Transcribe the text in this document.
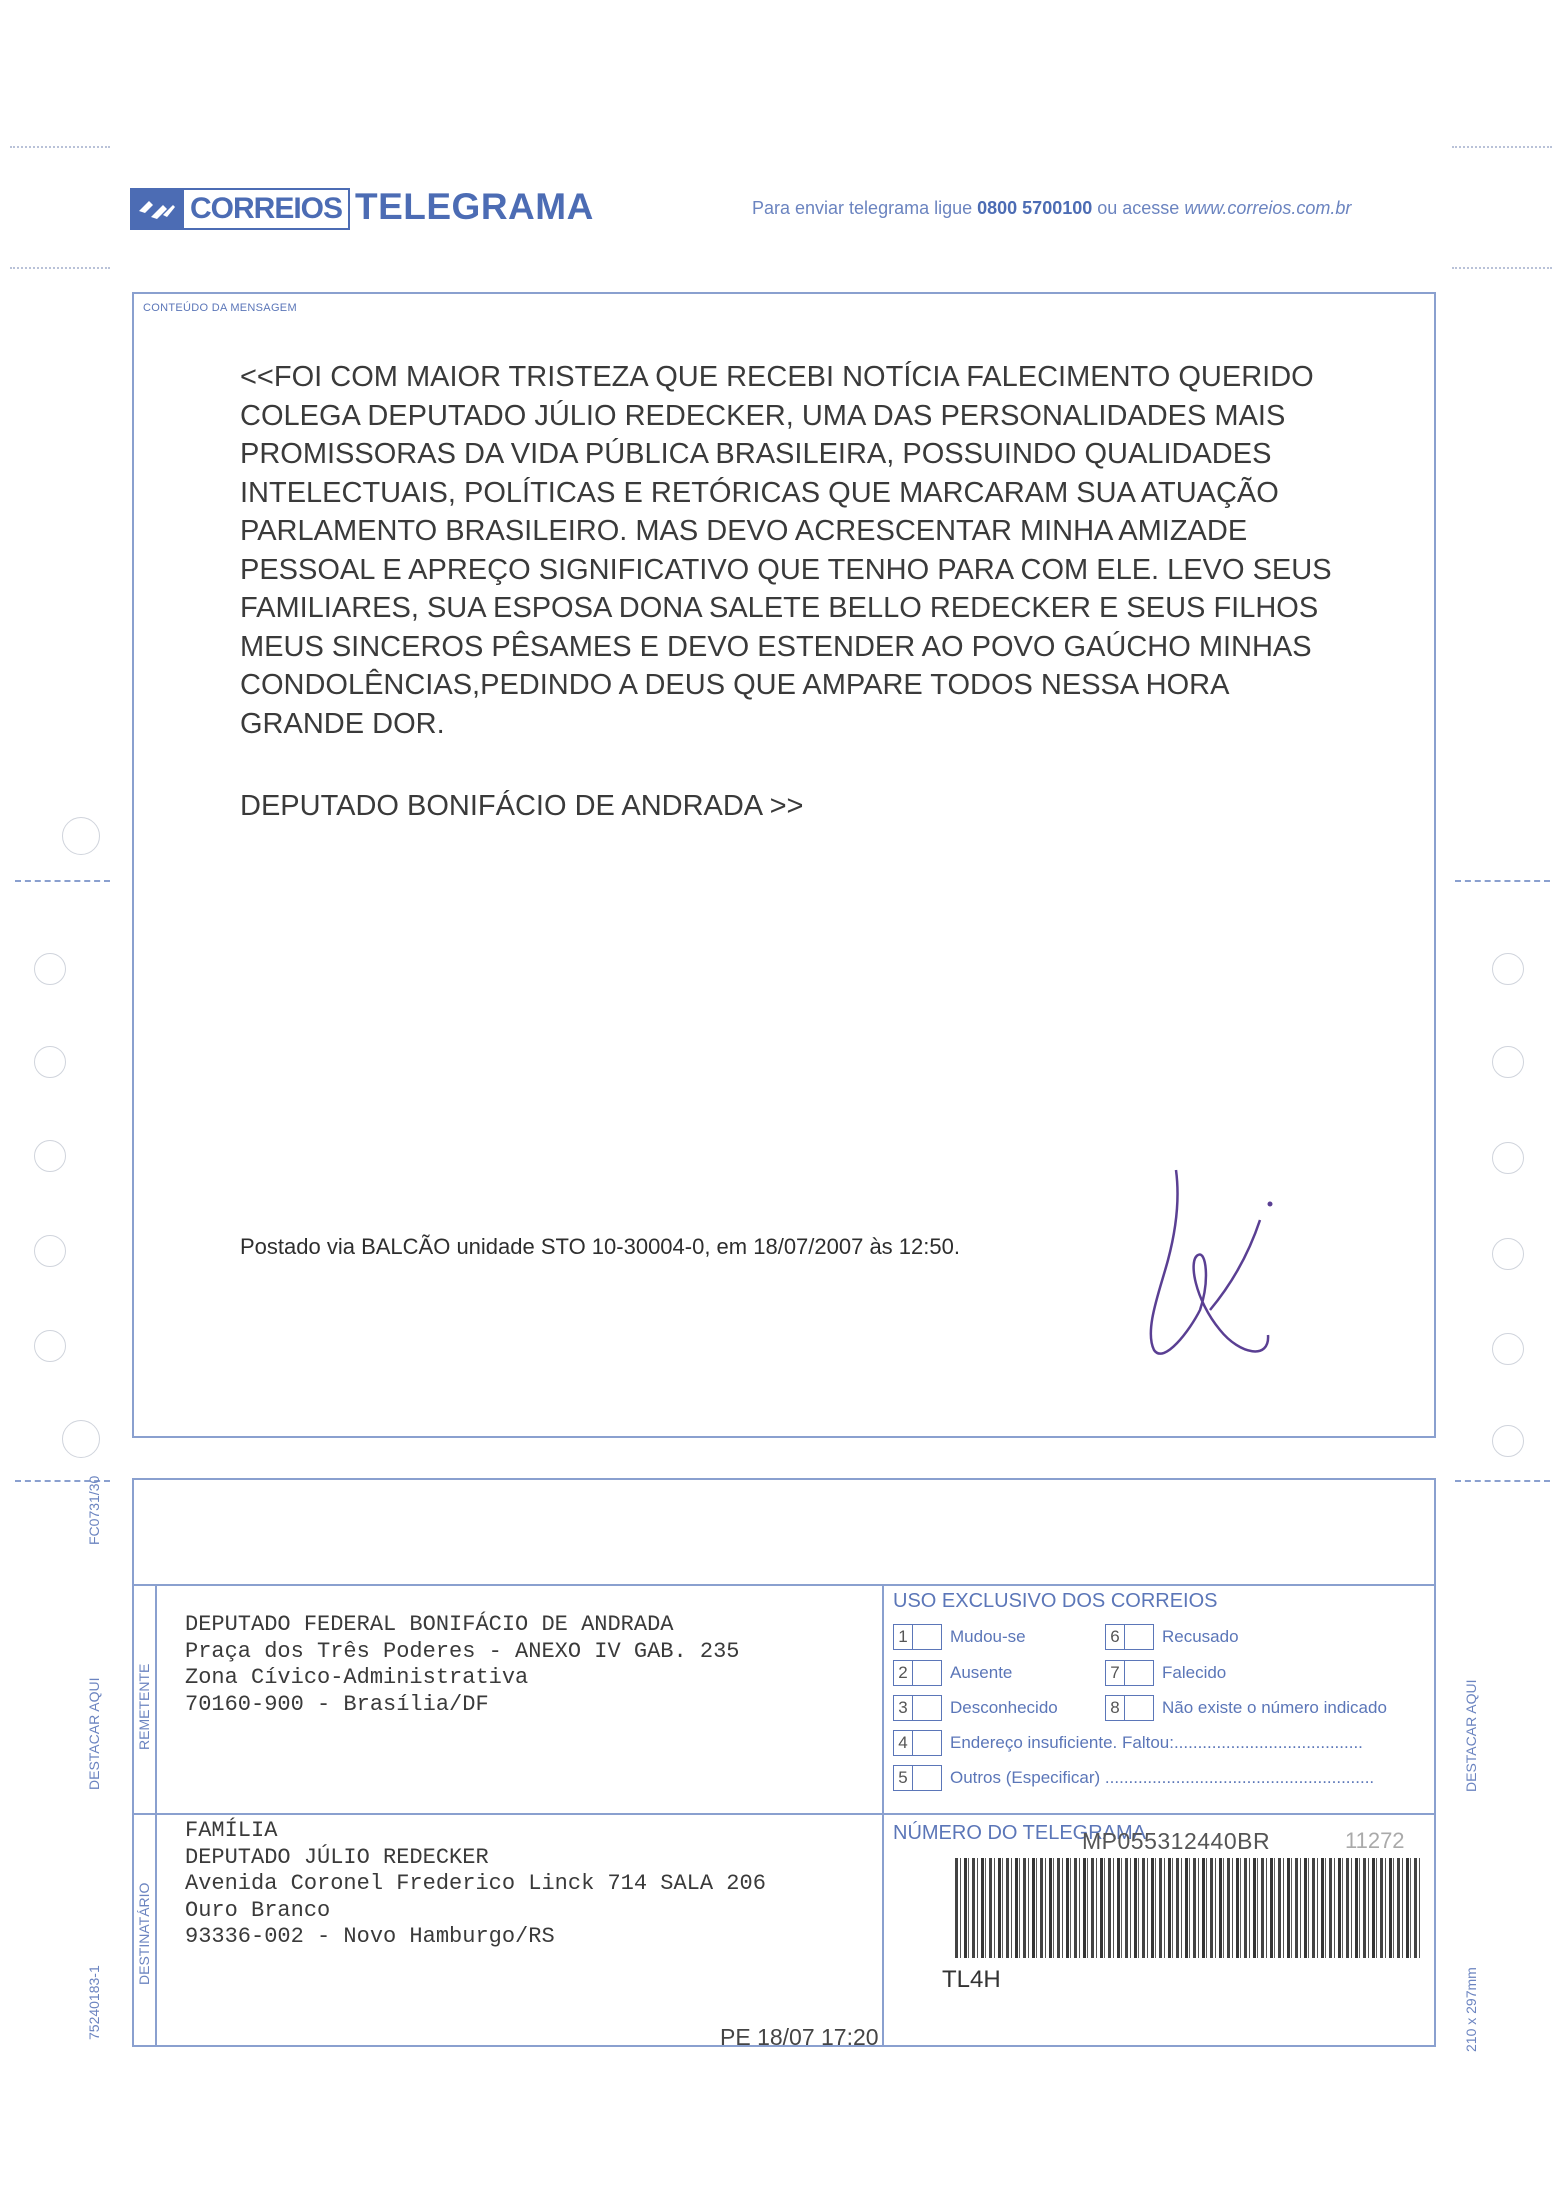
CORREIOS TELEGRAMA	Para enviar telegrama ligue 0800 5700100 ou acesse www.correios.com.br
CONTEÚDO DA MENSAGEM
<<FOI COM MAIOR TRISTEZA QUE RECEBI NOTÍCIA FALECIMENTO QUERIDO
COLEGA DEPUTADO JÚLIO REDECKER, UMA DAS PERSONALIDADES MAIS
PROMISSORAS DA VIDA PÚBLICA BRASILEIRA, POSSUINDO QUALIDADES
INTELECTUAIS, POLÍTICAS E RETÓRICAS QUE MARCARAM SUA ATUAÇÃO
PARLAMENTO BRASILEIRO. MAS DEVO ACRESCENTAR MINHA AMIZADE
PESSOAL E APREÇO SIGNIFICATIVO QUE TENHO PARA COM ELE. LEVO SEUS
FAMILIARES, SUA ESPOSA DONA SALETE BELLO REDECKER E SEUS FILHOS
MEUS SINCEROS PÊSAMES E DEVO ESTENDER AO POVO GAÚCHO MINHAS
CONDOLÊNCIAS,PEDINDO A DEUS QUE AMPARE TODOS NESSA HORA
GRANDE DOR.
DEPUTADO BONIFÁCIO DE ANDRADA >>
Postado via BALCÃO unidade STO 10-30004-0, em 18/07/2007 às 12:50.
REMETENTE
DESTINATÁRIO
DEPUTADO FEDERAL BONIFÁCIO DE ANDRADA
Praça dos Três Poderes - ANEXO IV GAB. 235
Zona Cívico-Administrativa
70160-900 - Brasília/DF
FAMÍLIA
DEPUTADO JÚLIO REDECKER
Avenida Coronel Frederico Linck 714 SALA 206
Ouro Branco
93336-002 - Novo Hamburgo/RS
USO EXCLUSIVO DOS CORREIOS
1	Mudou-se
2	Ausente
3	Desconhecido
4	Endereço insuficiente. Faltou:........................................
5	Outros (Especificar) .........................................................
6	Recusado
7	Falecido
8	Não existe o número indicado
NÚMERO DO TELEGRAMA
MP055312440BR	11272
TL4H
PE 18/07 17:20
FC0731/30
DESTACAR AQUI
75240183-1
DESTACAR AQUI
210 x 297mm
